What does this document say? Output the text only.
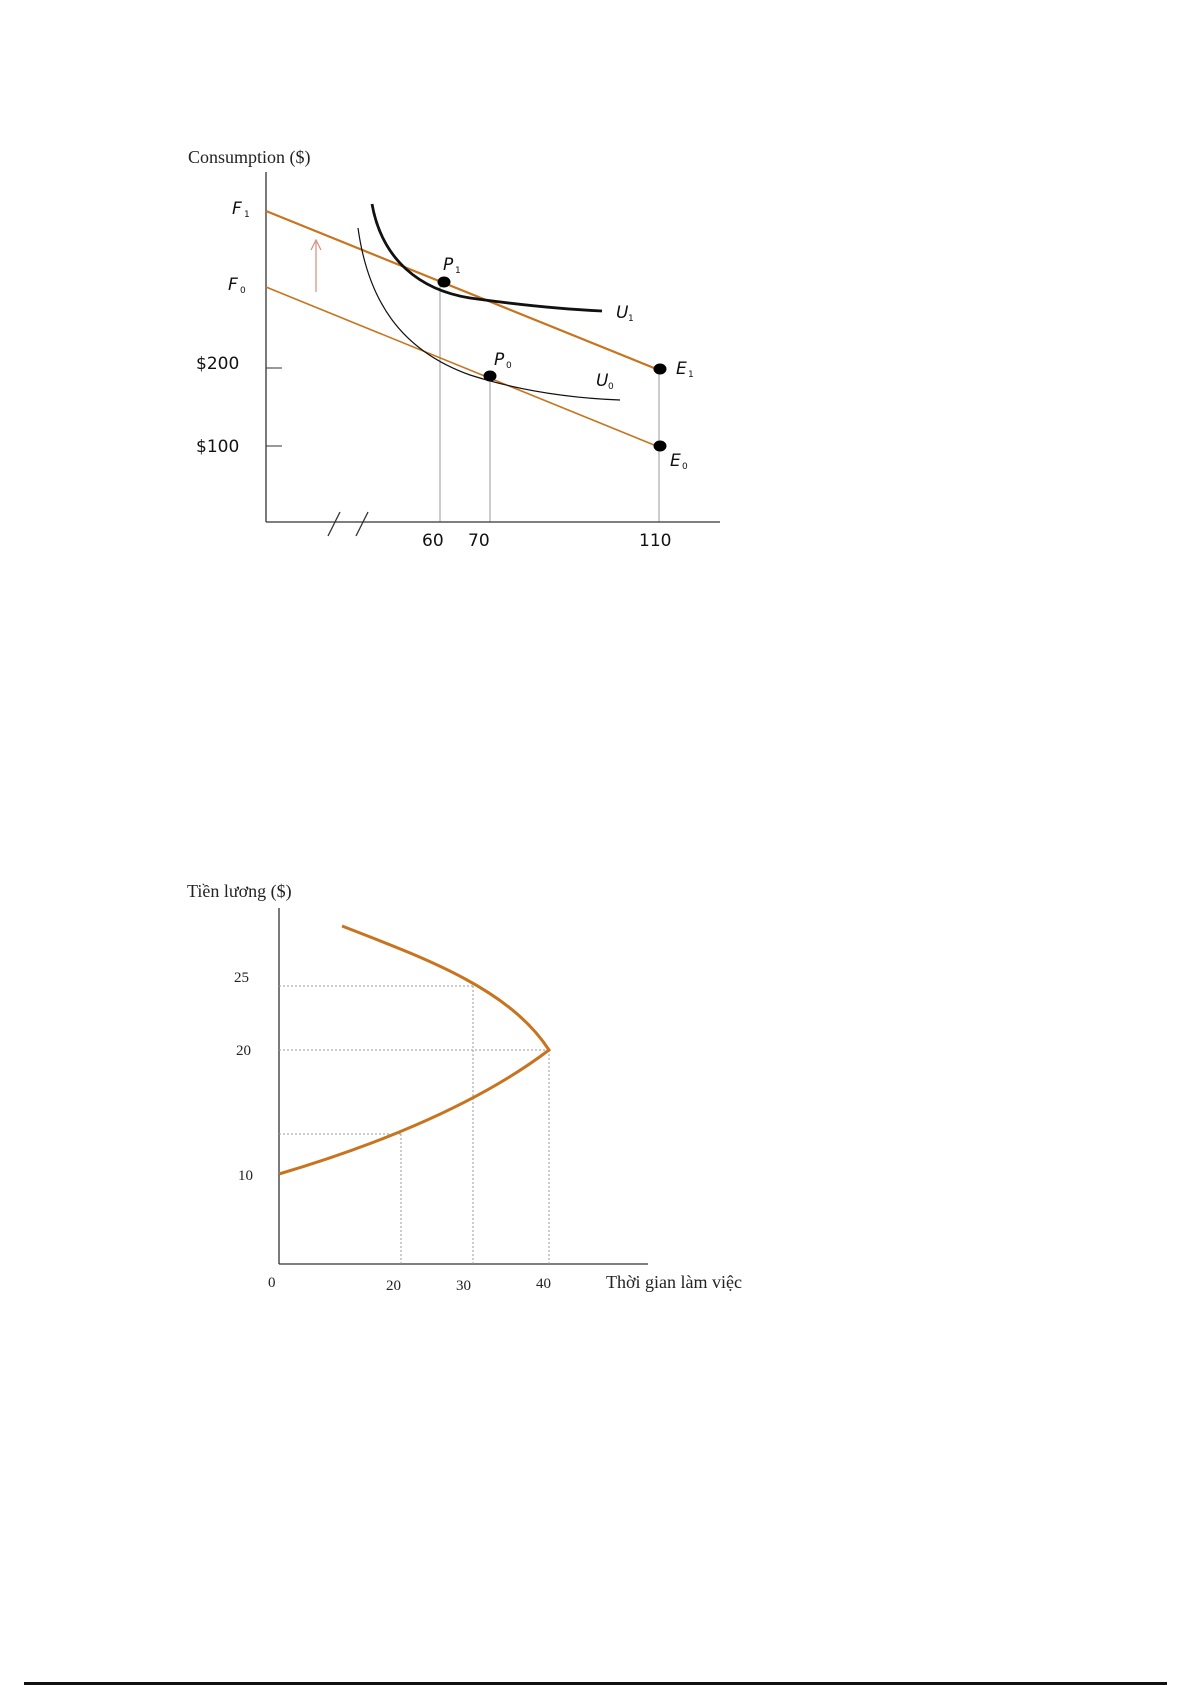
Consumption ($)
F 1
F 0
P 1
P 0	E 1
E 0
U 1
U 0
$200
$100
60 70	110
Tiền lương ($)
25
20
10
0	20	30	40	Thời gian làm việc
